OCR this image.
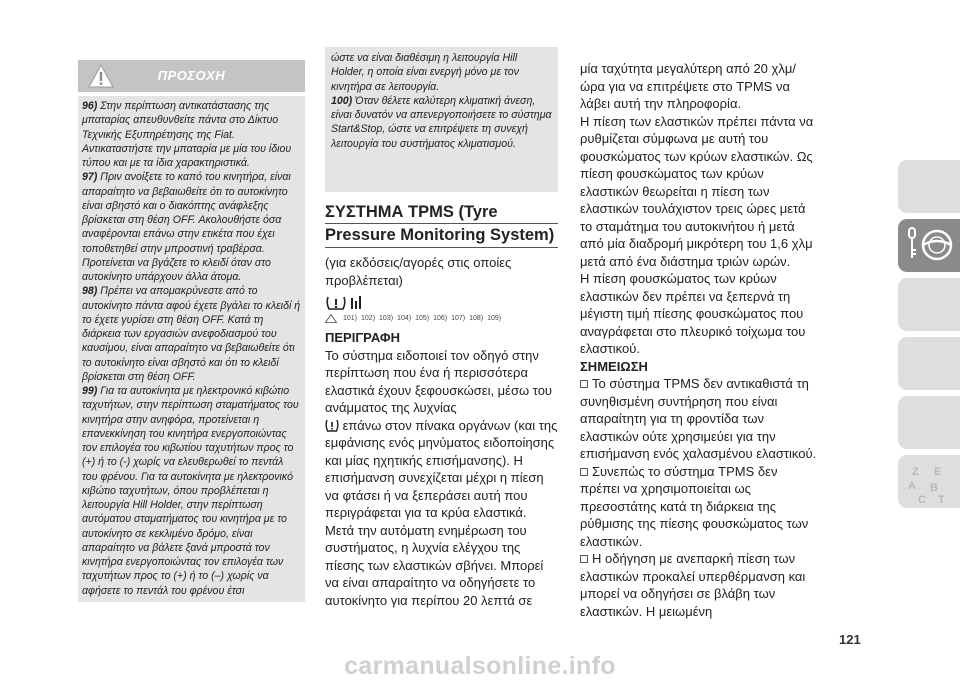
ΠΡΟΣΟΧΗ

96) Στην περίπτωση αντικατάστασης της μπαταρίας απευθυνθείτε πάντα στο Δίκτυο Τεχνικής Εξυπηρέτησης της Fiat. Αντικαταστήστε την μπαταρία με μία του ίδιου τύπου και με τα ίδια χαρακτηριστικά.

97) Πριν ανοίξετε το καπό του κινητήρα, είναι απαραίτητο να βεβαιωθείτε ότι το αυτοκίνητο είναι σβηστό και ο διακόπτης ανάφλεξης βρίσκεται στη θέση OFF. Ακολουθήστε όσα αναφέρονται επάνω στην ετικέτα που έχει τοποθετηθεί στην μπροστινή τραβέρσα. Προτείνεται να βγάζετε το κλειδί όταν στο αυτοκίνητο υπάρχουν άλλα άτομα.

98) Πρέπει να απομακρύνεστε από το αυτοκίνητο πάντα αφού έχετε βγάλει το κλειδί ή το έχετε γυρίσει στη θέση OFF. Κατά τη διάρκεια των εργασιών ανεφοδιασμού του καυσίμου, είναι απαραίτητο να βεβαιωθείτε ότι το αυτοκίνητο είναι σβηστό και ότι το κλειδί βρίσκεται στη θέση OFF.

99) Για τα αυτοκίνητα με ηλεκτρονικό κιβώτιο ταχυτήτων, στην περίπτωση σταματήματος του κινητήρα στην ανηφόρα, προτείνεται η επανεκκίνηση του κινητήρα ενεργοποιώντας τον επιλογέα του κιβωτίου ταχυτήτων προς το (+) ή το (-) χωρίς να ελευθερωθεί το πεντάλ του φρένου. Για τα αυτοκίνητα με ηλεκτρονικό κιβώτιο ταχυτήτων, όπου προβλέπεται η λειτουργία Hill Holder, στην περίπτωση αυτόματου σταματήματος του κινητήρα με το αυτοκίνητο σε κεκλιμένο δρόμο, είναι απαραίτητο να βάλετε ξανά μπροστά τον κινητήρα ενεργοποιώντας τον επιλογέα των ταχυτήτων προς το (+) ή το (–) χωρίς να αφήσετε το πεντάλ του φρένου έτσι

ώστε να είναι διαθέσιμη η λειτουργία Hill Holder, η οποία είναι ενεργή μόνο με τον κινητήρα σε λειτουργία.
100) Όταν θέλετε καλύτερη κλιματική άνεση, είναι δυνατόν να απενεργοποιήσετε το σύστημα Start&Stop, ώστε να επιτρέψετε τη συνεχή λειτουργία του συστήματος κλιματισμού.

ΣΥΣΤΗΜΑ TPMS (Tyre
Pressure Monitoring System)

(για εκδόσεις/αγορές στις οποίες προβλέπεται)

101) 102) 103) 104) 105) 106) 107) 108) 109)

ΠΕΡΙΓΡΑΦΗ

Το σύστημα ειδοποιεί τον οδηγό στην περίπτωση που ένα ή περισσότερα ελαστικά έχουν ξεφουσκώσει, μέσω του ανάμματος της λυχνίας
επάνω στον πίνακα οργάνων (και της εμφάνισης ενός μηνύματος ειδοποίησης και μίας ηχητικής επισήμανσης). Η επισήμανση συνεχίζεται μέχρι η πίεση να φτάσει ή να ξεπεράσει αυτή που περιγράφεται για τα κρύα ελαστικά. Μετά την αυτόματη ενημέρωση του συστήματος, η λυχνία ελέγχου της πίεσης των ελαστικών σβήνει. Μπορεί να είναι απαραίτητο να οδηγήσετε το αυτοκίνητο για περίπου 20 λεπτά σε

μία ταχύτητα μεγαλύτερη από 20 χλμ/ώρα για να επιτρέψετε στο TPMS να λάβει αυτή την πληροφορία.

Η πίεση των ελαστικών πρέπει πάντα να ρυθμίζεται σύμφωνα με αυτή του φουσκώματος των κρύων ελαστικών. Ως πίεση φουσκώματος των κρύων ελαστικών θεωρείται η πίεση των ελαστικών τουλάχιστον τρεις ώρες μετά το σταμάτημα του αυτοκινήτου ή μετά από μία διαδρομή μικρότερη του 1,6 χλμ μετά από ένα διάστημα τριών ωρών.

Η πίεση φουσκώματος των κρύων ελαστικών δεν πρέπει να ξεπερνά τη μέγιστη τιμή πίεσης φουσκώματος που αναγράφεται στο πλευρικό τοίχωμα του ελαστικού.

ΣΗΜΕΙΩΣΗ

Το σύστημα TPMS δεν αντικαθιστά τη συνηθισμένη συντήρηση που είναι απαραίτητη για τη φροντίδα των ελαστικών ούτε χρησιμεύει για την επισήμανση ενός χαλασμένου ελαστικού.

Συνεπώς το σύστημα TPMS δεν πρέπει να χρησιμοποιείται ως πρεσοστάτης κατά τη διάρκεια της ρύθμισης της πίεσης φουσκώματος των ελαστικών.

Η οδήγηση με ανεπαρκή πίεση των ελαστικών προκαλεί υπερθέρμανση και μπορεί να οδηγήσει σε βλάβη των ελαστικών. Η μειωμένη

Z E
A B
C T
121
carmanualsonline.info
